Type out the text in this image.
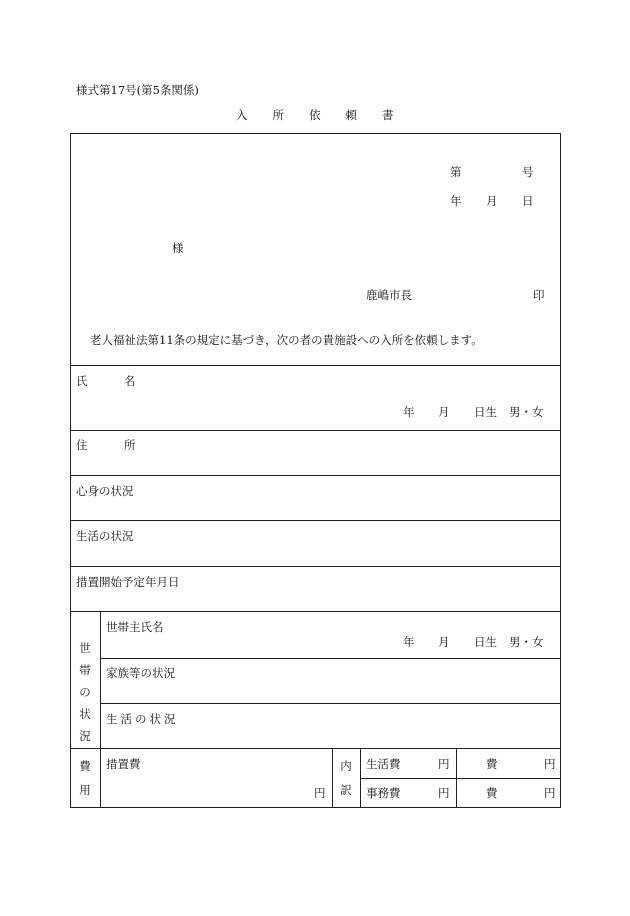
様式第17号(第5条関係)
入所依頼書
第	号
年 月 日
様
鹿嶋市長	印
老人福祉法第11条の規定に基づき，次の者の貴施設への入所を依頼します。
氏	名
年 月 日生 男・女
住	所
心身の状況
生活の状況
措置開始予定年月日
世
帯
の
状
況
世帯主氏名
年 月 日生 男・女
家族等の状況
生活の状況
費
用
措置費
円
内
訳
生活費	円	費	円
事務費	円	費	円
